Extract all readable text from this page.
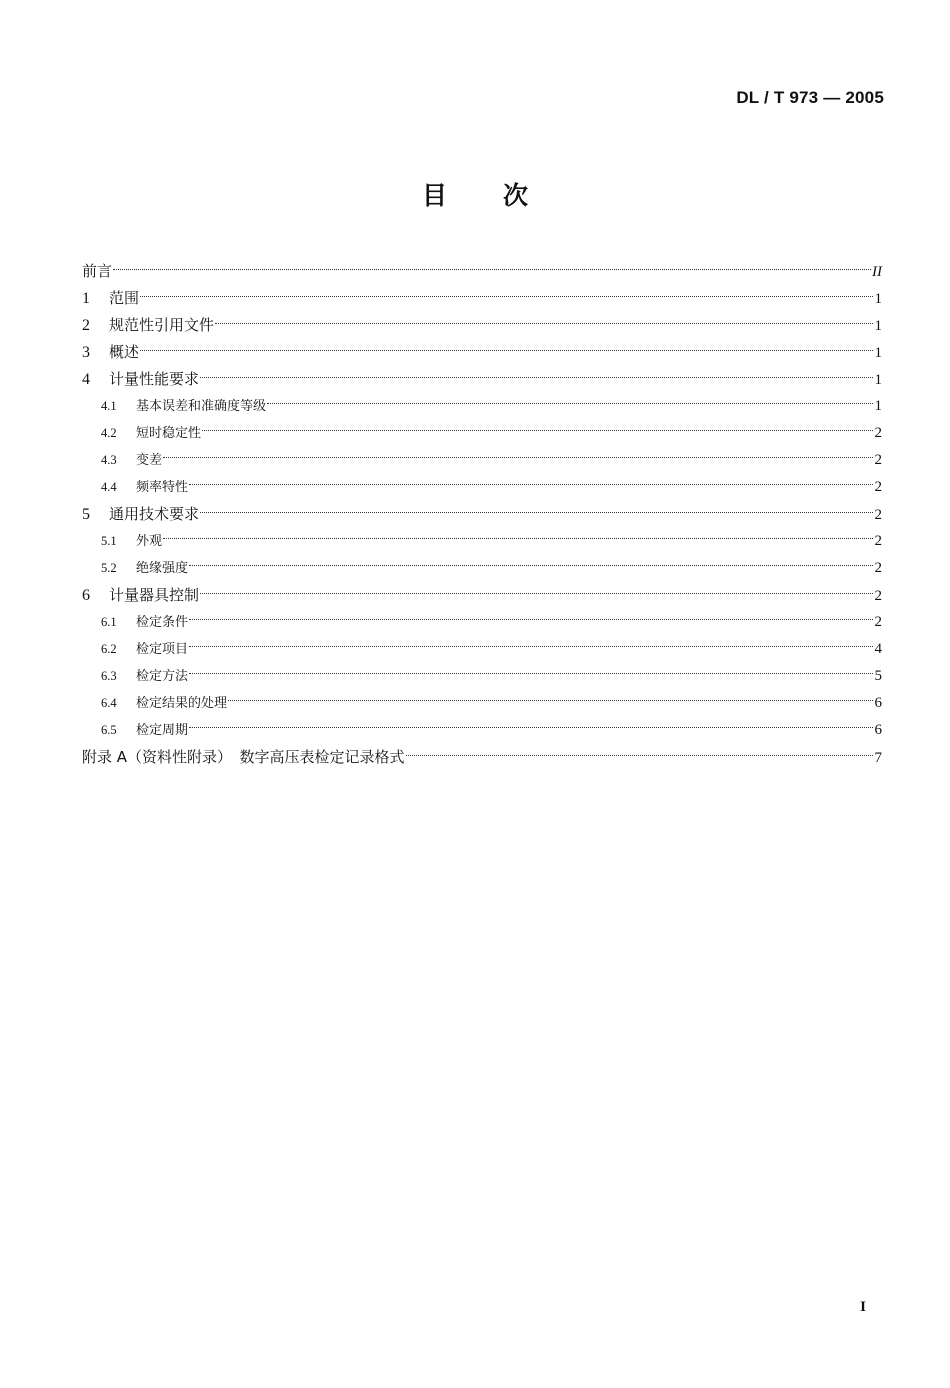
DL / T 973 — 2005
目次
前言	II
1	范围	1
2	规范性引用文件	1
3	概述	1
4	计量性能要求	1
4.1	基本误差和准确度等级	1
4.2	短时稳定性	2
4.3	变差	2
4.4	频率特性	2
5	通用技术要求	2
5.1	外观	2
5.2	绝缘强度	2
6	计量器具控制	2
6.1	检定条件	2
6.2	检定项目	4
6.3	检定方法	5
6.4	检定结果的处理	6
6.5	检定周期	6
附录 A（资料性附录）　数字高压表检定记录格式	7
I
